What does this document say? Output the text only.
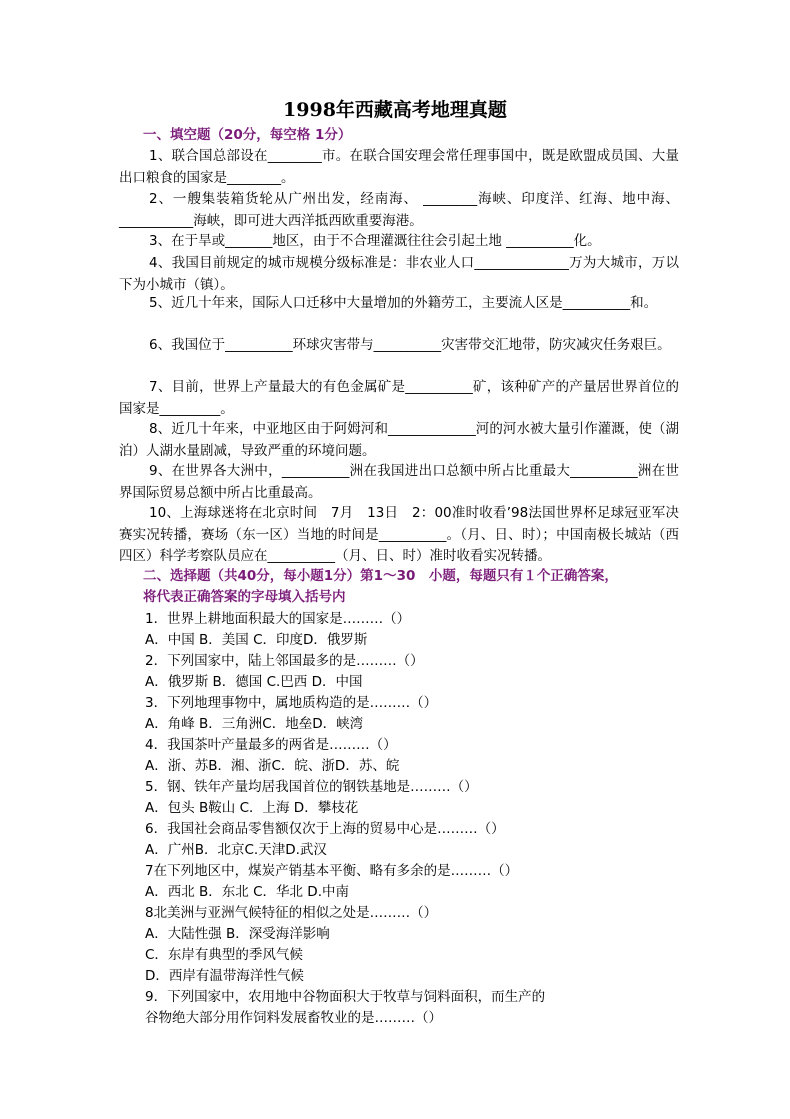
1998年西藏高考地理真题
一、填空题（20分，每空格 1分）

1、联合国总部设在________市。在联合国安理会常任理事国中，既是欧盟成员国、大量出口粮食的国家是________。

2、一艘集装箱货轮从广州出发，经南海、 ________海峡、印度洋、红海、地中海、___________海峡，即可进大西洋抵西欧重要海港。

3、在于旱或_______地区，由于不合理灌溉往往会引起土地 __________化。

4、我国目前规定的城市规模分级标准是：非农业人口______________万为大城市，万以下为小城市（镇）。

5、近几十年来，国际人口迁移中大量增加的外籍劳工，主要流人区是__________和。

6、我国位于__________环球灾害带与__________灾害带交汇地带，防灾减灾任务艰巨。

7、目前，世界上产量最大的有色金属矿是__________矿，该种矿产的产量居世界首位的国家是_________。

8、近几十年来，中亚地区由于阿姆河和_____________河的河水被大量引作灌溉，使（湖泊）人湖水量剧减，导致严重的环境问题。

9、在世界各大洲中，__________洲在我国进出口总额中所占比重最大__________洲在世界国际贸易总额中所占比重最高。

10、上海球迷将在北京时间　7月　13日　2：00准时收看’98法国世界杯足球冠亚军决赛实况转播，赛场（东一区）当地的时间是__________。（月、日、时）；中国南极长城站（西四区）科学考察队员应在__________（月、日、时）准时收看实况转播。

二、选择题（共40分，每小题1分）第1～30　小题，每题只有１个正确答案，
将代表正确答案的字母填入括号内
1．世界上耕地面积最大的国家是………（）
A．中国 B．美国 C．印度D．俄罗斯
2．下列国家中，陆上邻国最多的是………（）
A．俄罗斯 B．德国 C.巴西 D．中国
3．下列地理事物中，属地质构造的是………（）
A．角峰 B．三角洲C．地垒D．峡湾
4．我国茶叶产量最多的两省是………（）
A．浙、苏B．湘、浙C．皖、浙D．苏、皖
5．钢、铁年产量均居我国首位的钢铁基地是………（）
A．包头 B鞍山 C．上海 D．攀枝花
6．我国社会商品零售额仅次于上海的贸易中心是………（）
A．广州B．北京C.天津D.武汉
7在下列地区中，煤炭产销基本平衡、略有多余的是………（）
A．西北 B．东北 C．华北 D.中南
8北美洲与亚洲气候特征的相似之处是………（）
A．大陆性强 B．深受海洋影响
C．东岸有典型的季风气候
D．西岸有温带海洋性气候
9．下列国家中，农用地中谷物面积大于牧草与饲料面积，而生产的
谷物绝大部分用作饲料发展畜牧业的是………（）
